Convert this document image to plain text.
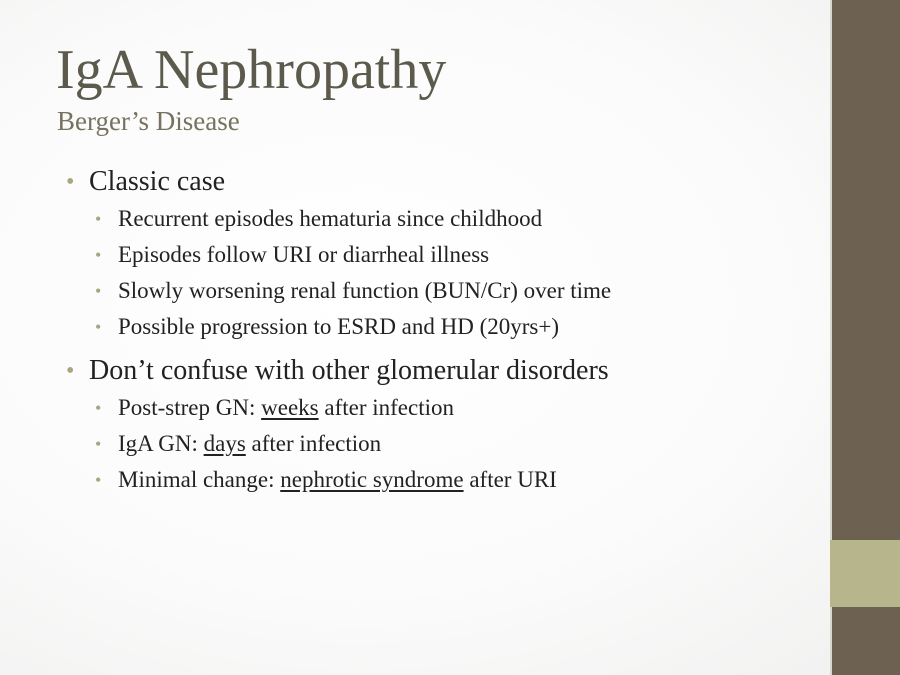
IgA Nephropathy
Berger’s Disease
• Classic case
• Recurrent episodes hematuria since childhood
• Episodes follow URI or diarrheal illness
• Slowly worsening renal function (BUN/Cr) over time
• Possible progression to ESRD and HD (20yrs+)
• Don’t confuse with other glomerular disorders
• Post-strep GN: weeks after infection
• IgA GN: days after infection
• Minimal change: nephrotic syndrome after URI
